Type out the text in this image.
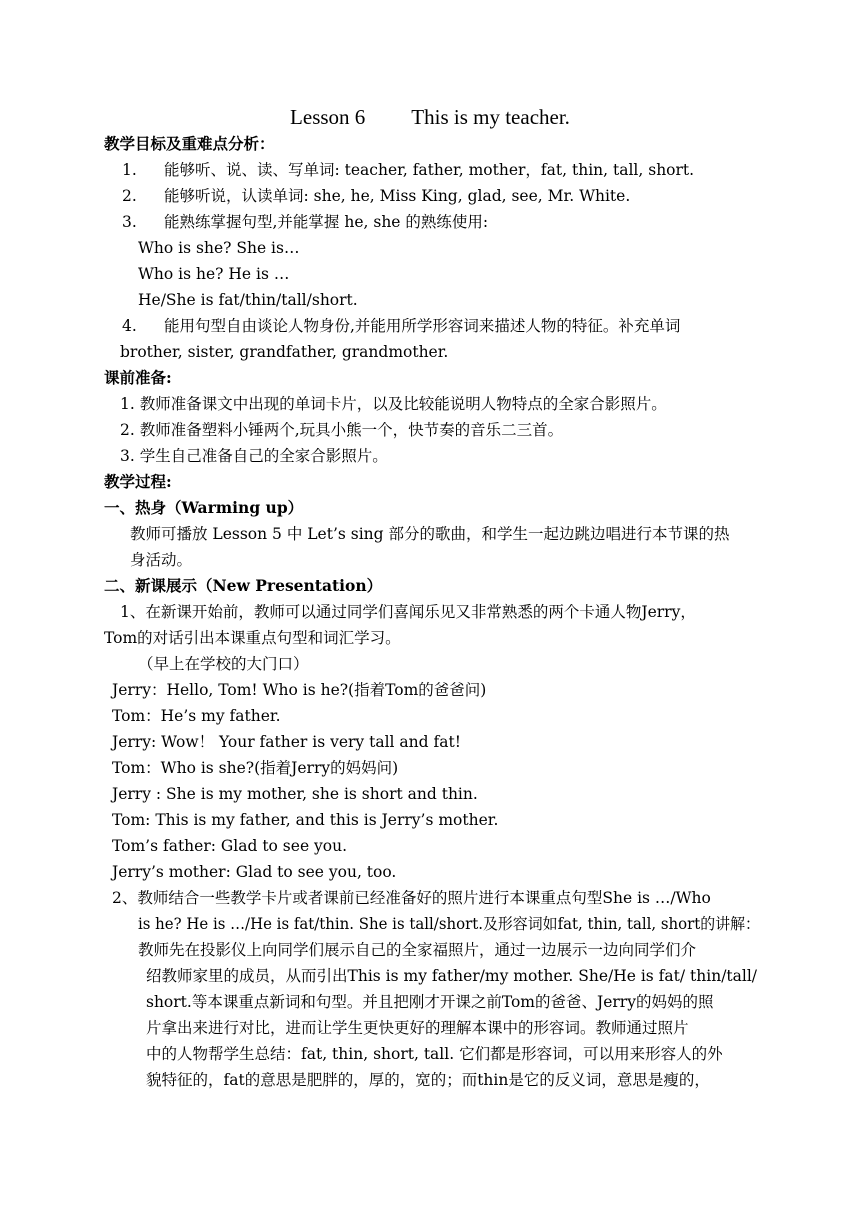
Lesson 6 This is my teacher.
教学目标及重难点分析：
1. 能够听、说、读、写单词: teacher, father, mother，fat, thin, tall, short.
2. 能够听说，认读单词: she, he, Miss King, glad, see, Mr. White.
3. 能熟练掌握句型,并能掌握 he, she 的熟练使用:
Who is she? She is…
Who is he? He is …
He/She is fat/thin/tall/short.
4. 能用句型自由谈论人物身份,并能用所学形容词来描述人物的特征。补充单词
brother, sister, grandfather, grandmother.
课前准备:
1. 教师准备课文中出现的单词卡片，以及比较能说明人物特点的全家合影照片。
2. 教师准备塑料小锤两个,玩具小熊一个，快节奏的音乐二三首。
3. 学生自己准备自己的全家合影照片。
教学过程:
一、热身（Warming up）
教师可播放 Lesson 5 中 Let’s sing 部分的歌曲，和学生一起边跳边唱进行本节课的热
身活动。
二、新课展示（New Presentation）
1、在新课开始前，教师可以通过同学们喜闻乐见又非常熟悉的两个卡通人物Jerry，
Tom的对话引出本课重点句型和词汇学习。
（早上在学校的大门口）
Jerry：Hello, Tom! Who is he?(指着Tom的爸爸问)
Tom：He’s my father.
Jerry: Wow！ Your father is very tall and fat!
Tom：Who is she?(指着Jerry的妈妈问)
Jerry : She is my mother, she is short and thin.
Tom: This is my father, and this is Jerry’s mother.
Tom’s father: Glad to see you.
Jerry’s mother: Glad to see you, too.
2、教师结合一些教学卡片或者课前已经准备好的照片进行本课重点句型She is …/Who
is he? He is …/He is fat/thin. She is tall/short.及形容词如fat, thin, tall, short的讲解：
教师先在投影仪上向同学们展示自己的全家福照片，通过一边展示一边向同学们介
绍教师家里的成员，从而引出This is my father/my mother. She/He is fat/ thin/tall/
short.等本课重点新词和句型。并且把刚才开课之前Tom的爸爸、Jerry的妈妈的照
片拿出来进行对比，进而让学生更快更好的理解本课中的形容词。教师通过照片
中的人物帮学生总结：fat, thin, short, tall. 它们都是形容词，可以用来形容人的外
貌特征的，fat的意思是肥胖的，厚的，宽的；而thin是它的反义词，意思是瘦的，
